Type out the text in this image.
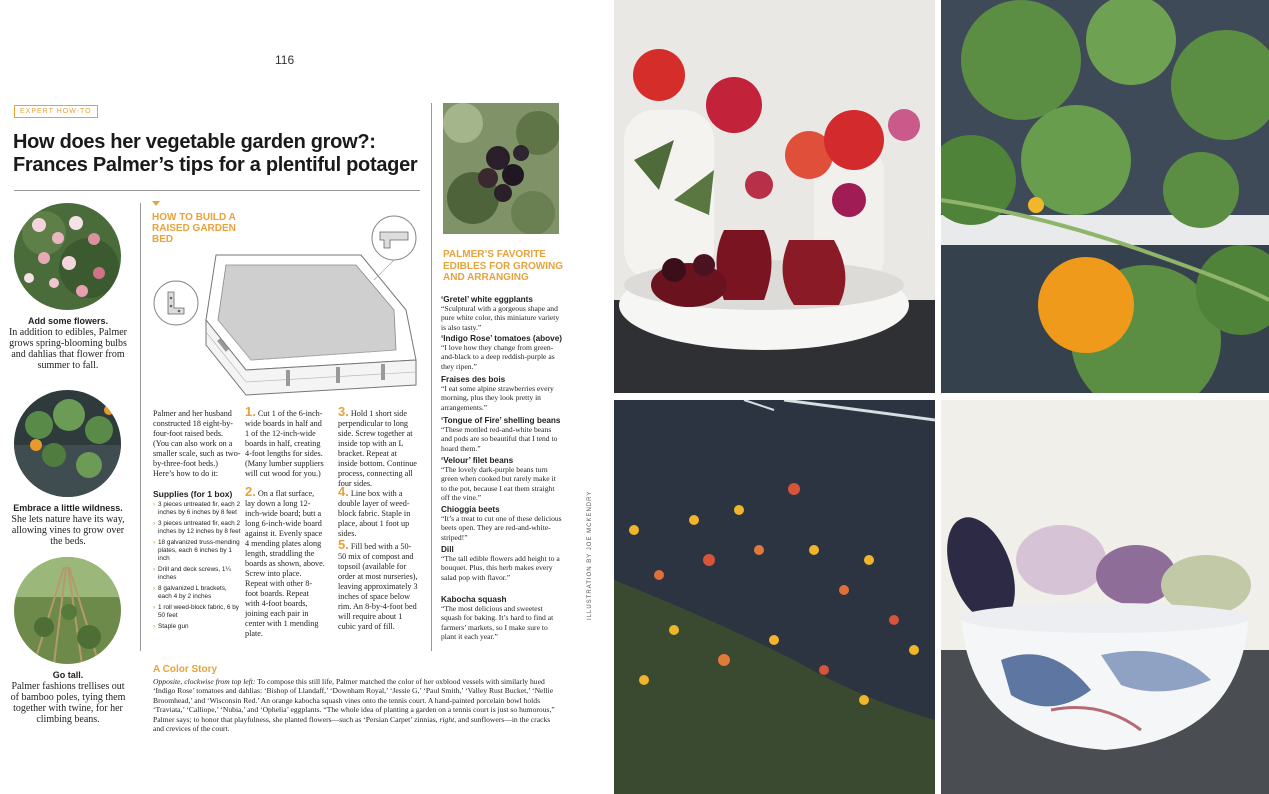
116
EXPERT HOW-TO
How does her vegetable garden grow?: Frances Palmer’s tips for a plentiful potager
Add some flowers.
In addition to edibles, Palmer grows spring-blooming bulbs and dahlias that flower from summer to fall.
Embrace a little wildness.
She lets nature have its way, allowing vines to grow over the beds.
Go tall.
Palmer fashions trellises out of bamboo poles, tying them together with twine, for her climbing beans.
HOW TO BUILD A RAISED GARDEN BED
Palmer and her husband constructed 18 eight-by-four-foot raised beds. (You can also work on a smaller scale, such as two-by-three-foot beds.) Here’s how to do it:
Supplies (for 1 box)
› 3 pieces untreated fir, each 2 inches by 6 inches by 8 feet
› 3 pieces untreated fir, each 2 inches by 12 inches by 8 feet
› 18 galvanized truss-mending plates, each 6 inches by 1 inch
› Drill and deck screws, 1¼ inches
› 8 galvanized L brackets, each 4 by 2 inches
› 1 roll weed-block fabric, 6 by 50 feet
› Staple gun
1. Cut 1 of the 6-inch-wide boards in half and 1 of the 12-inch-wide boards in half, creating 4-foot lengths for sides. (Many lumber suppliers will cut wood for you.)
2. On a flat surface, lay down a long 12-inch-wide board; butt a long 6-inch-wide board against it. Evenly space 4 mending plates along length, straddling the boards as shown, above. Screw into place. Repeat with other 8-foot boards. Repeat with 4-foot boards, joining each pair in center with 1 mending plate.
3. Hold 1 short side perpendicular to long side. Screw together at inside top with an L bracket. Repeat at inside bottom. Continue process, connecting all four sides.
4. Line box with a double layer of weed-block fabric. Staple in place, about 1 foot up sides.
5. Fill bed with a 50-50 mix of compost and topsoil (available for order at most nurseries), leaving approximately 3 inches of space below rim. An 8-by-4-foot bed will require about 1 cubic yard of fill.
A Color Story
Opposite, clockwise from top left: To compose this still life, Palmer matched the color of her oxblood vessels with similarly hued ‘Indigo Rose’ tomatoes and dahlias: ‘Bishop of Llandaff,’ ‘Downham Royal,’ ‘Jessie G,’ ‘Paul Smith,’ ‘Valley Rust Bucket,’ ‘Nellie Broomhead,’ and ‘Wisconsin Red.’ An orange kabocha squash vines onto the tennis court. A hand-painted porcelain bowl holds ‘Traviata,’ ‘Calliope,’ ‘Nubia,’ and ‘Ophelia’ eggplants. “The whole idea of planting a garden on a tennis court is just so humorous,” Palmer says; to honor that playfulness, she planted flowers—such as ‘Persian Carpet’ zinnias, right, and sunflowers—in the cracks and crevices of the court.
PALMER’S FAVORITE EDIBLES FOR GROWING AND ARRANGING
‘Gretel’ white eggplants
“Sculptural with a gorgeous shape and pure white color, this miniature variety is also tasty.”
‘Indigo Rose’ tomatoes (above)
“I love how they change from green-and-black to a deep reddish-purple as they ripen.”
Fraises des bois
“I eat some alpine strawberries every morning, plus they look pretty in arrangements.”
‘Tongue of Fire’ shelling beans
“These mottled red-and-white beans and pods are so beautiful that I tend to hoard them.”
‘Velour’ filet beans
“The lovely dark-purple beans turn green when cooked but rarely make it to the pot, because I eat them straight off the vine.”
Chioggia beets
“It’s a treat to cut one of these delicious beets open. They are red-and-white-striped!”
Dill
“The tall edible flowers add height to a bouquet. Plus, this herb makes every salad pop with flavor.”
Kabocha squash
“The most delicious and sweetest squash for baking. It’s hard to find at farmers’ markets, so I make sure to plant it each year.”
ILLUSTRATION BY JOE MCKENDRY
